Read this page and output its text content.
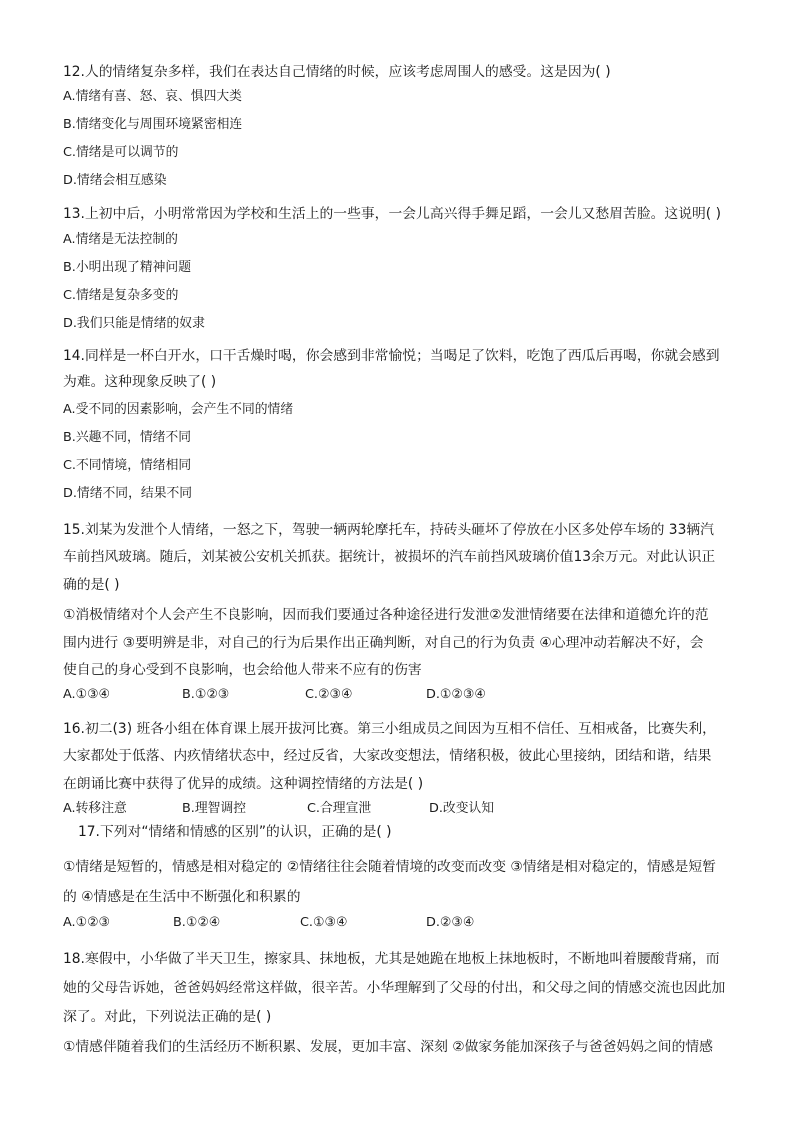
12.人的情绪复杂多样，我们在表达自己情绪的时候，应该考虑周围人的感受。这是因为( )
A.情绪有喜、怒、哀、惧四大类
B.情绪变化与周围环境紧密相连
C.情绪是可以调节的
D.情绪会相互感染
13.上初中后，小明常常因为学校和生活上的一些事，一会儿高兴得手舞足蹈，一会儿又愁眉苦脸。这说明( )
A.情绪是无法控制的
B.小明出现了精神问题
C.情绪是复杂多变的
D.我们只能是情绪的奴隶
14.同样是一杯白开水，口干舌燥时喝，你会感到非常愉悦；当喝足了饮料，吃饱了西瓜后再喝，你就会感到
为难。这种现象反映了( )
A.受不同的因素影响，会产生不同的情绪
B.兴趣不同，情绪不同
C.不同情境，情绪相同
D.情绪不同，结果不同
15.刘某为发泄个人情绪，一怒之下，驾驶一辆两轮摩托车，持砖头砸坏了停放在小区多处停车场的 33辆汽
车前挡风玻璃。随后，刘某被公安机关抓获。据统计，被损坏的汽车前挡风玻璃价值13余万元。对此认识正
确的是( )
①消极情绪对个人会产生不良影响，因而我们要通过各种途径进行发泄②发泄情绪要在法律和道德允许的范
围内进行 ③要明辨是非，对自己的行为后果作出正确判断，对自己的行为负责 ④心理冲动若解决不好，会
使自己的身心受到不良影响，也会给他人带来不应有的伤害
A.①③④	B.①②③	C.②③④	D.①②③④
16.初二(3) 班各小组在体育课上展开拔河比赛。第三小组成员之间因为互相不信任、互相戒备，比赛失利，
大家都处于低落、内疚情绪状态中，经过反省，大家改变想法，情绪积极，彼此心里接纳，团结和谐，结果
在朗诵比赛中获得了优异的成绩。这种调控情绪的方法是( )
A.转移注意	B.理智调控	C.合理宣泄	D.改变认知
17.下列对“情绪和情感的区别”的认识，正确的是( )
①情绪是短暂的，情感是相对稳定的 ②情绪往往会随着情境的改变而改变 ③情绪是相对稳定的，情感是短暂
的 ④情感是在生活中不断强化和积累的
A.①②③	B.①②④	C.①③④	D.②③④
18.寒假中，小华做了半天卫生，擦家具、抹地板，尤其是她跪在地板上抹地板时，不断地叫着腰酸背痛，而
她的父母告诉她，爸爸妈妈经常这样做，很辛苦。小华理解到了父母的付出，和父母之间的情感交流也因此加
深了。对此，下列说法正确的是( )
①情感伴随着我们的生活经历不断积累、发展，更加丰富、深刻 ②做家务能加深孩子与爸爸妈妈之间的情感
